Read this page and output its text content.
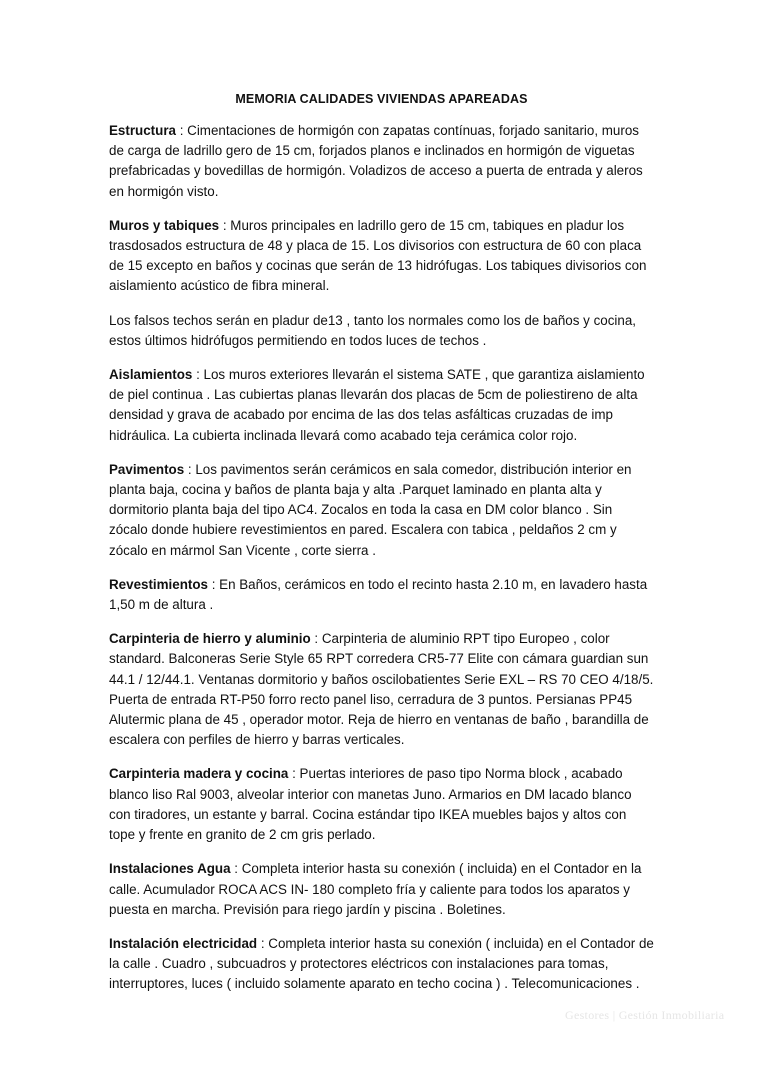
MEMORIA CALIDADES VIVIENDAS APAREADAS

Estructura : Cimentaciones de hormigón con zapatas contínuas, forjado sanitario, muros de carga de ladrillo gero de 15 cm, forjados planos e inclinados en hormigón de viguetas prefabricadas y bovedillas de hormigón. Voladizos de acceso a puerta de entrada y aleros en hormigón visto.

Muros y tabiques : Muros principales en ladrillo gero de 15 cm, tabiques en pladur los trasdosados estructura de 48 y placa de 15. Los divisorios con estructura de 60 con placa de 15 excepto en baños y cocinas que serán de 13 hidrófugas. Los tabiques divisorios con aislamiento acústico de fibra mineral.

Los falsos techos serán en pladur de13 , tanto los normales como los de baños y cocina, estos últimos hidrófugos permitiendo en todos luces de techos .

Aislamientos : Los muros exteriores llevarán el sistema SATE , que garantiza aislamiento de piel continua . Las cubiertas planas llevarán dos placas de 5cm de poliestireno de alta densidad y grava de acabado por encima de las dos telas asfálticas cruzadas de imp hidráulica. La cubierta inclinada llevará como acabado teja cerámica color rojo.

Pavimentos : Los pavimentos serán cerámicos en sala comedor, distribución interior en planta baja, cocina y baños de planta baja y alta .Parquet laminado en planta alta y dormitorio planta baja del tipo AC4. Zocalos en toda la casa en DM color blanco . Sin zócalo donde hubiere revestimientos en pared. Escalera con tabica , peldaños 2 cm y zócalo en mármol San Vicente , corte sierra .

Revestimientos : En Baños, cerámicos en todo el recinto hasta 2.10 m, en lavadero hasta 1,50 m de altura .

Carpinteria de hierro y aluminio : Carpinteria de aluminio RPT tipo Europeo , color standard. Balconeras Serie Style 65 RPT corredera CR5-77 Elite con cámara guardian sun 44.1 / 12/44.1. Ventanas dormitorio y baños oscilobatientes Serie EXL – RS 70 CEO 4/18/5. Puerta de entrada RT-P50 forro recto panel liso, cerradura de 3 puntos. Persianas PP45 Alutermic plana de 45 , operador motor. Reja de hierro en ventanas de baño , barandilla de escalera con perfiles de hierro y barras verticales.

Carpinteria madera y cocina : Puertas interiores de paso tipo Norma block , acabado blanco liso Ral 9003, alveolar interior con manetas Juno. Armarios en DM lacado blanco con tiradores, un estante y barral. Cocina estándar tipo IKEA muebles bajos y altos con tope y frente en granito de 2 cm gris perlado.

Instalaciones Agua : Completa interior hasta su conexión ( incluida) en el Contador en la calle. Acumulador ROCA ACS IN- 180 completo fría y caliente para todos los aparatos y puesta en marcha. Previsión para riego jardín y piscina . Boletines.

Instalación electricidad : Completa interior hasta su conexión ( incluida) en el Contador de la calle . Cuadro , subcuadros y protectores eléctricos con instalaciones para tomas, interruptores, luces ( incluido solamente aparato en techo cocina ) . Telecomunicaciones .

Gestores | Gestión Inmobiliaria
